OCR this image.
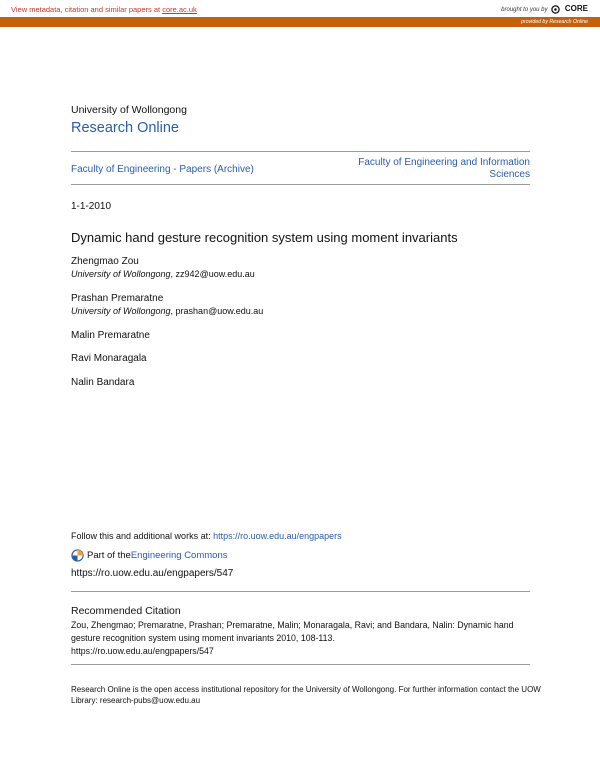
View metadata, citation and similar papers at core.ac.uk	brought to you by CORE
provided by Research Online
University of Wollongong
Research Online
Faculty of Engineering - Papers (Archive)
Faculty of Engineering and Information Sciences
1-1-2010
Dynamic hand gesture recognition system using moment invariants
Zhengmao Zou
University of Wollongong, zz942@uow.edu.au
Prashan Premaratne
University of Wollongong, prashan@uow.edu.au
Malin Premaratne
Ravi Monaragala
Nalin Bandara
Follow this and additional works at: https://ro.uow.edu.au/engpapers
Part of the Engineering Commons
https://ro.uow.edu.au/engpapers/547
Recommended Citation
Zou, Zhengmao; Premaratne, Prashan; Premaratne, Malin; Monaragala, Ravi; and Bandara, Nalin: Dynamic hand gesture recognition system using moment invariants 2010, 108-113.
https://ro.uow.edu.au/engpapers/547
Research Online is the open access institutional repository for the University of Wollongong. For further information contact the UOW Library: research-pubs@uow.edu.au
